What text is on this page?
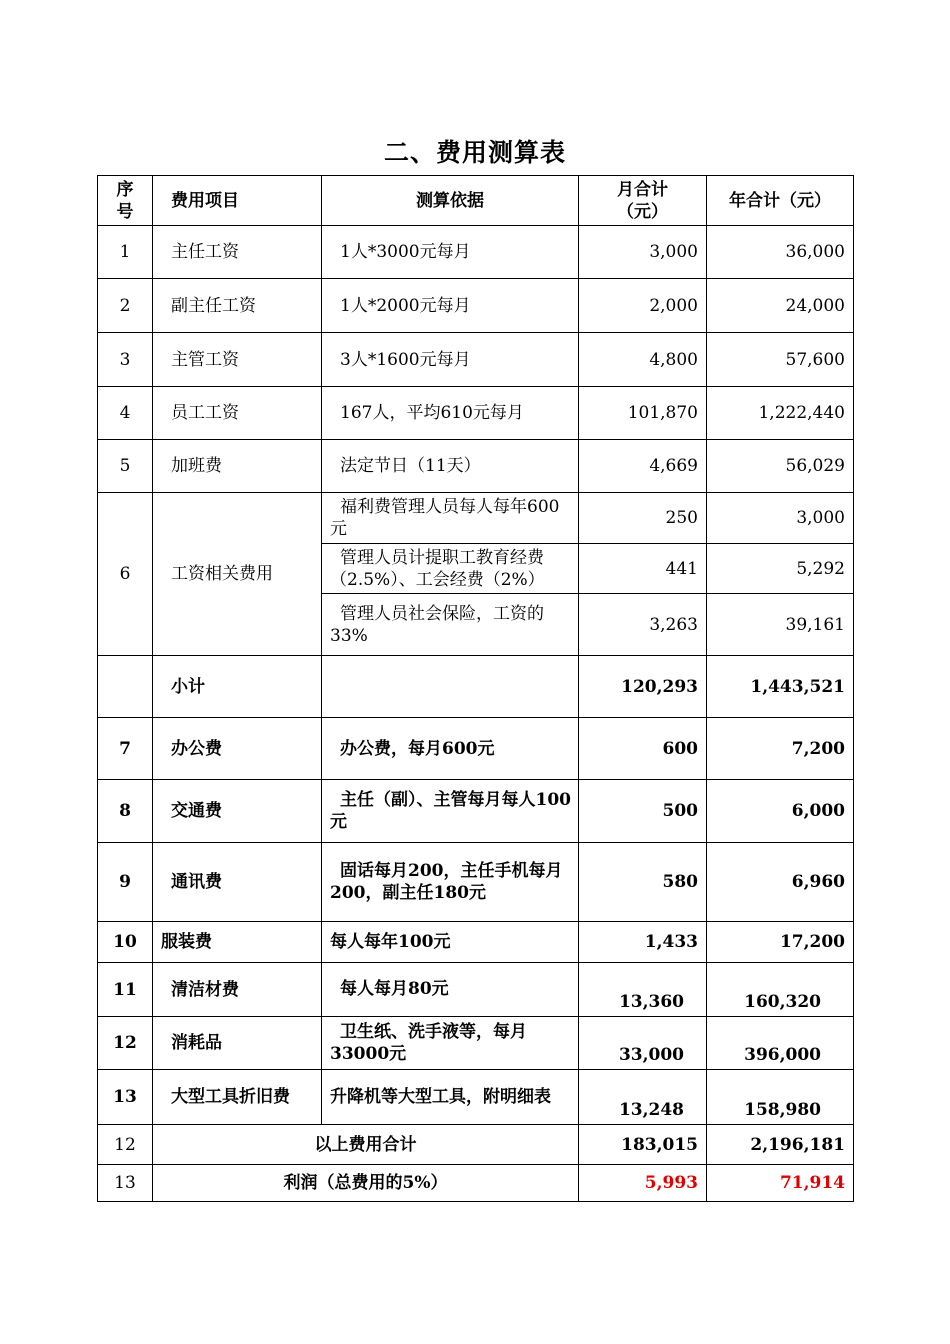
二、费用测算表
序号	费用项目	测算依据	月合计（元）	年合计（元）
1	主任工资	1人*3000元每月	3,000	36,000
2	副主任工资	1人*2000元每月	2,000	24,000
3	主管工资	3人*1600元每月	4,800	57,600
4	员工工资	167人，平均610元每月	101,870	1,222,440
5	加班费	法定节日（11天）	4,669	56,029
6	工资相关费用	福利费管理人员每人每年600元	250	3,000
		管理人员计提职工教育经费（2.5%）、工会经费（2%）	441	5,292
		管理人员社会保险，工资的33%	3,263	39,161
	小计		120,293	1,443,521
7	办公费	办公费，每月600元	600	7,200
8	交通费	主任（副）、主管每月每人100元	500	6,000
9	通讯费	固话每月200，主任手机每月200，副主任180元	580	6,960
10	服装费	每人每年100元	1,433	17,200
11	清洁材费	每人每月80元	13,360	160,320
12	消耗品	卫生纸、洗手液等，每月33000元	33,000	396,000
13	大型工具折旧费	升降机等大型工具，附明细表	13,248	158,980
12	以上费用合计		183,015	2,196,181
13	利润（总费用的5%）		5,993	71,914
